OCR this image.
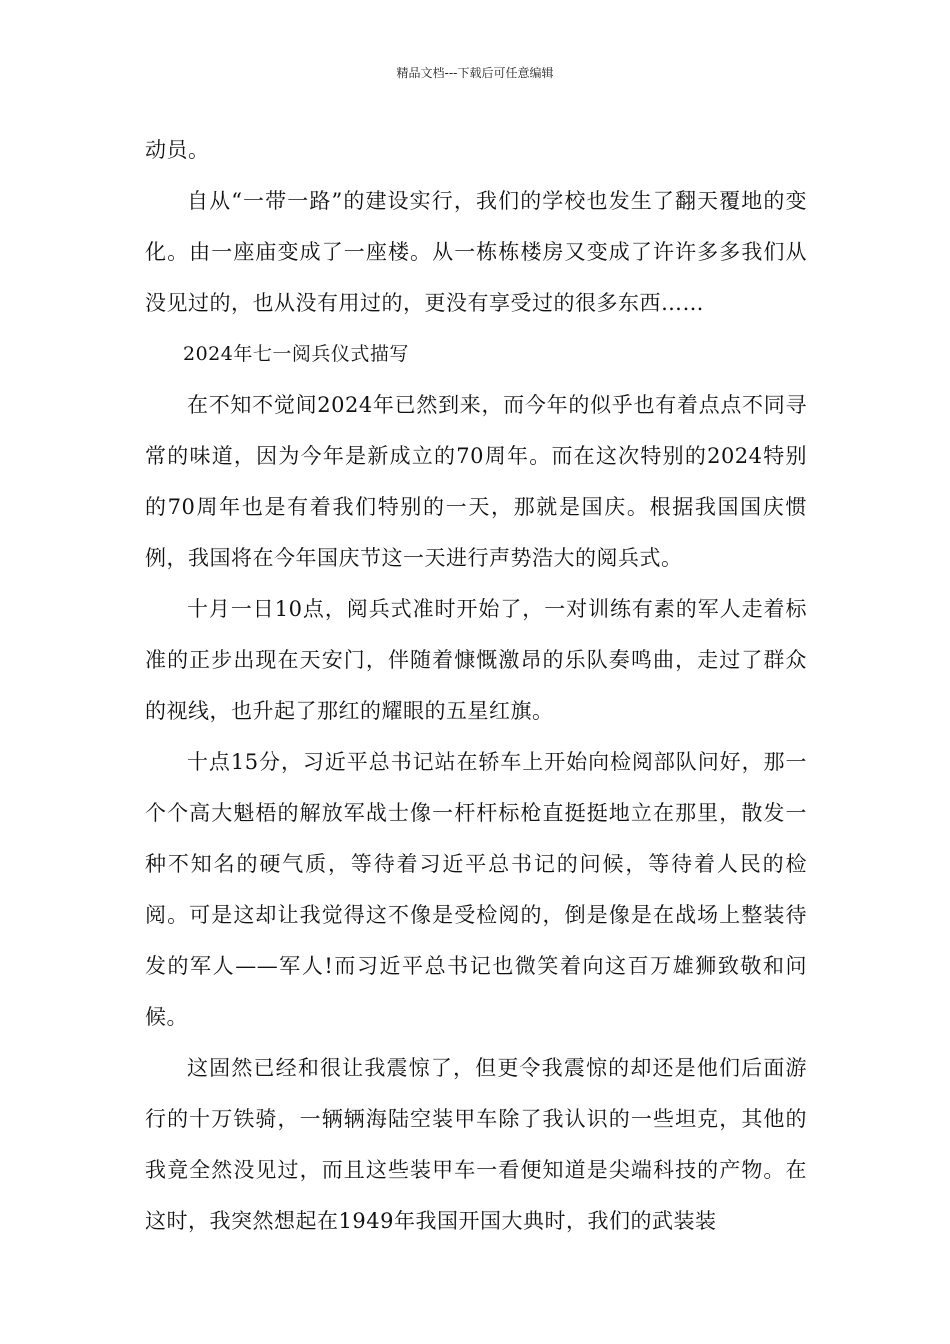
精品文档---下载后可任意编辑

动员。

自从“一带一路”的建设实行，我们的学校也发生了翻天覆地的变化。由一座庙变成了一座楼。从一栋栋楼房又变成了许许多多我们从没见过的，也从没有用过的，更没有享受过的很多东西……

2024年七一阅兵仪式描写

在不知不觉间2024年已然到来，而今年的似乎也有着点点不同寻常的味道，因为今年是新成立的70周年。而在这次特别的2024特别的70周年也是有着我们特别的一天，那就是国庆。根据我国国庆惯例，我国将在今年国庆节这一天进行声势浩大的阅兵式。

十月一日10点，阅兵式准时开始了，一对训练有素的军人走着标准的正步出现在天安门，伴随着慷慨激昂的乐队奏鸣曲，走过了群众的视线，也升起了那红的耀眼的五星红旗。

十点15分，习近平总书记站在轿车上开始向检阅部队问好，那一个个高大魁梧的解放军战士像一杆杆标枪直挺挺地立在那里，散发一种不知名的硬气质，等待着习近平总书记的问候，等待着人民的检阅。可是这却让我觉得这不像是受检阅的，倒是像是在战场上整装待发的军人——军人!而习近平总书记也微笑着向这百万雄狮致敬和问候。

这固然已经和很让我震惊了，但更令我震惊的却还是他们后面游行的十万铁骑，一辆辆海陆空装甲车除了我认识的一些坦克，其他的我竟全然没见过，而且这些装甲车一看便知道是尖端科技的产物。在这时，我突然想起在1949年我国开国大典时，我们的武装装
